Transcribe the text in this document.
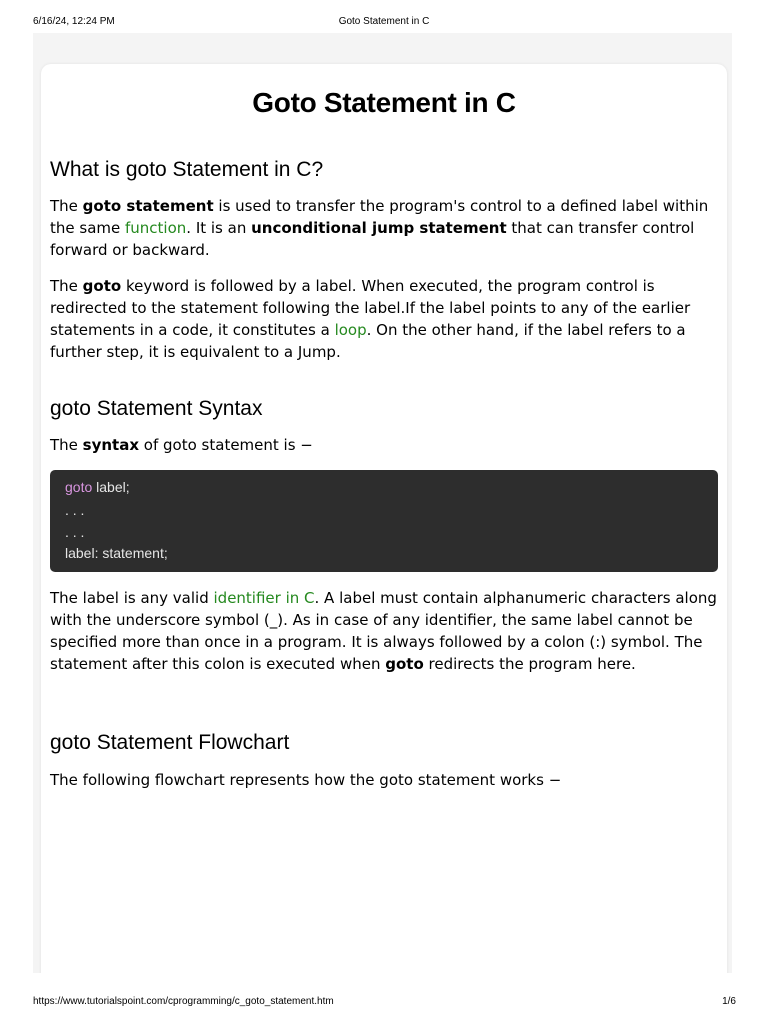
6/16/24, 12:24 PM	Goto Statement in C
Goto Statement in C
What is goto Statement in C?

The goto statement is used to transfer the program's control to a defined label within the same function. It is an unconditional jump statement that can transfer control forward or backward.

The goto keyword is followed by a label. When executed, the program control is redirected to the statement following the label.If the label points to any of the earlier statements in a code, it constitutes a loop. On the other hand, if the label refers to a further step, it is equivalent to a Jump.

goto Statement Syntax

The syntax of goto statement is −

goto label;
. . .
. . .
label: statement;

The label is any valid identifier in C. A label must contain alphanumeric characters along with the underscore symbol (_). As in case of any identifier, the same label cannot be specified more than once in a program. It is always followed by a colon (:) symbol. The statement after this colon is executed when goto redirects the program here.

goto Statement Flowchart

The following flowchart represents how the goto statement works −

https://www.tutorialspoint.com/cprogramming/c_goto_statement.htm	1/6
